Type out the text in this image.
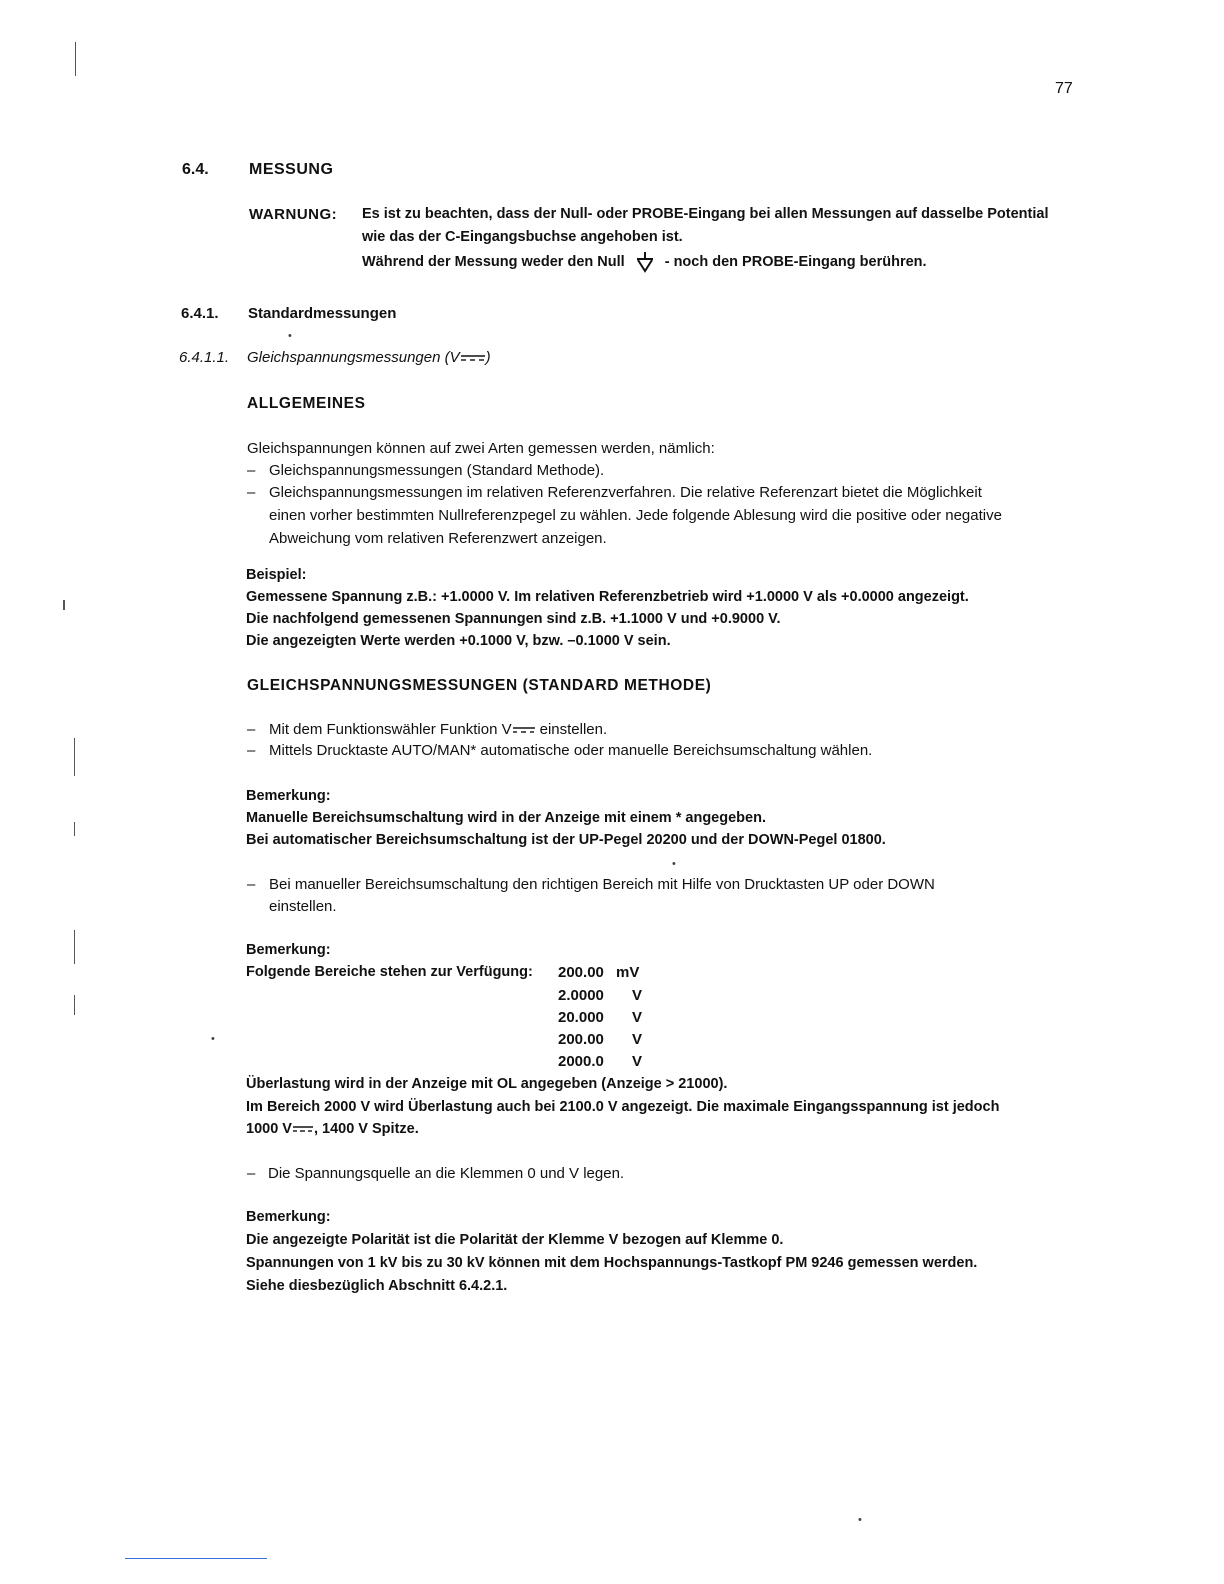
77
6.4.	MESSUNG
WARNUNG: Es ist zu beachten, dass der Null- oder PROBE-Eingang bei allen Messungen auf dasselbe Potential
wie das der C-Eingangsbuchse angehoben ist.
Während der Messung weder den Null	- noch den PROBE-Eingang berühren.
6.4.1. Standardmessungen
6.4.1.1. Gleichspannungsmessungen (V )
ALLGEMEINES
Gleichspannungen können auf zwei Arten gemessen werden, nämlich:
– Gleichspannungsmessungen (Standard Methode).
– Gleichspannungsmessungen im relativen Referenzverfahren. Die relative Referenzart bietet die Möglichkeit
einen vorher bestimmten Nullreferenzpegel zu wählen. Jede folgende Ablesung wird die positive oder negative
Abweichung vom relativen Referenzwert anzeigen.
Beispiel:
Gemessene Spannung z.B.: +1.0000 V. Im relativen Referenzbetrieb wird +1.0000 V als +0.0000 angezeigt.
Die nachfolgend gemessenen Spannungen sind z.B. +1.1000 V und +0.9000 V.
Die angezeigten Werte werden +0.1000 V, bzw. –0.1000 V sein.
GLEICHSPANNUNGSMESSUNGEN (STANDARD METHODE)
– Mit dem Funktionswähler Funktion V einstellen.
– Mittels Drucktaste AUTO/MAN* automatische oder manuelle Bereichsumschaltung wählen.
Bemerkung:
Manuelle Bereichsumschaltung wird in der Anzeige mit einem * angegeben.
Bei automatischer Bereichsumschaltung ist der UP-Pegel 20200 und der DOWN-Pegel 01800.
– Bei manueller Bereichsumschaltung den richtigen Bereich mit Hilfe von Drucktasten UP oder DOWN
einstellen.
Bemerkung:
Folgende Bereiche stehen zur Verfügung: 200.00 mV
2.0000 V
20.000 V
200.00 V
2000.0 V
Überlastung wird in der Anzeige mit OL angegeben (Anzeige > 21000).
Im Bereich 2000 V wird Überlastung auch bei 2100.0 V angezeigt. Die maximale Eingangsspannung ist jedoch
1000 V , 1400 V Spitze.
– Die Spannungsquelle an die Klemmen 0 und V legen.
Bemerkung:
Die angezeigte Polarität ist die Polarität der Klemme V bezogen auf Klemme 0.
Spannungen von 1 kV bis zu 30 kV können mit dem Hochspannungs-Tastkopf PM 9246 gemessen werden.
Siehe diesbezüglich Abschnitt 6.4.2.1.
•
•
•
•
